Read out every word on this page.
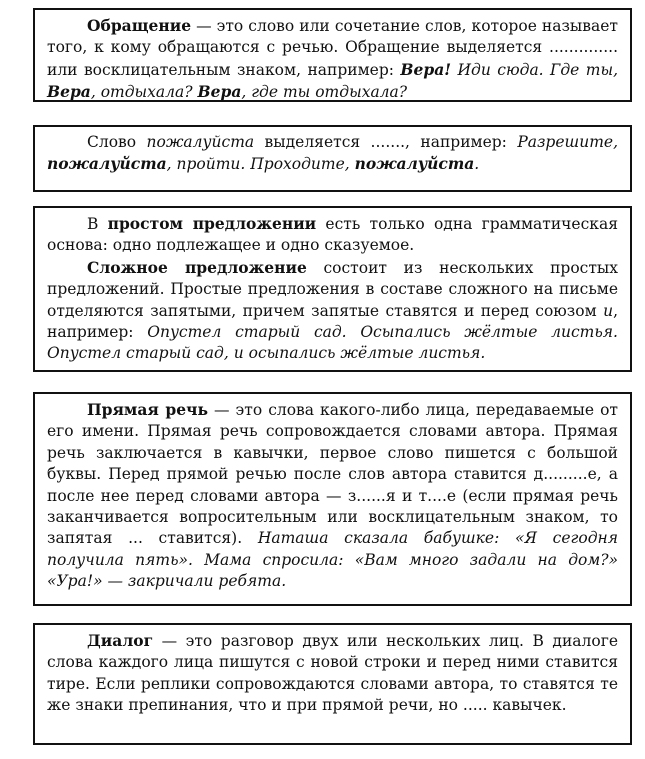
Обращение — это слово или сочетание слов, которое называет того, к кому обращаются с речью. Обращение выделяется .............. или восклицательным знаком, например: Вера! Иди сюда. Где ты, Вера, отдыхала? Вера, где ты отдыхала?

Слово пожалуйста выделяется ......., например: Разрешите, пожалуйста, пройти. Проходите, пожалуйста.

В простом предложении есть только одна грамматическая основа: одно подлежащее и одно сказуемое.

Сложное предложение состоит из нескольких простых предложений. Простые предложения в составе сложного на письме отделяются запятыми, причем запятые ставятся и перед союзом и, например: Опустел старый сад. Осыпались жёлтые листья. Опустел старый сад, и осыпались жёлтые листья.

Прямая речь — это слова какого-либо лица, передаваемые от его имени. Прямая речь сопровождается словами автора. Прямая речь заключается в кавычки, первое слово пишется с большой буквы. Перед прямой речью после слов автора ставится д.........е, а после нее перед словами автора — з......я и т....е (если прямая речь заканчивается вопросительным или восклицательным знаком, то запятая ... ставится). Наташа сказала бабушке: «Я сегодня получила пять». Мама спросила: «Вам много задали на дом?» «Ура!» — закричали ребята.

Диалог — это разговор двух или нескольких лиц. В диалоге слова каждого лица пишутся с новой строки и перед ними ставится тире. Если реплики сопровождаются словами автора, то ставятся те же знаки препинания, что и при прямой речи, но ..... кавычек.
